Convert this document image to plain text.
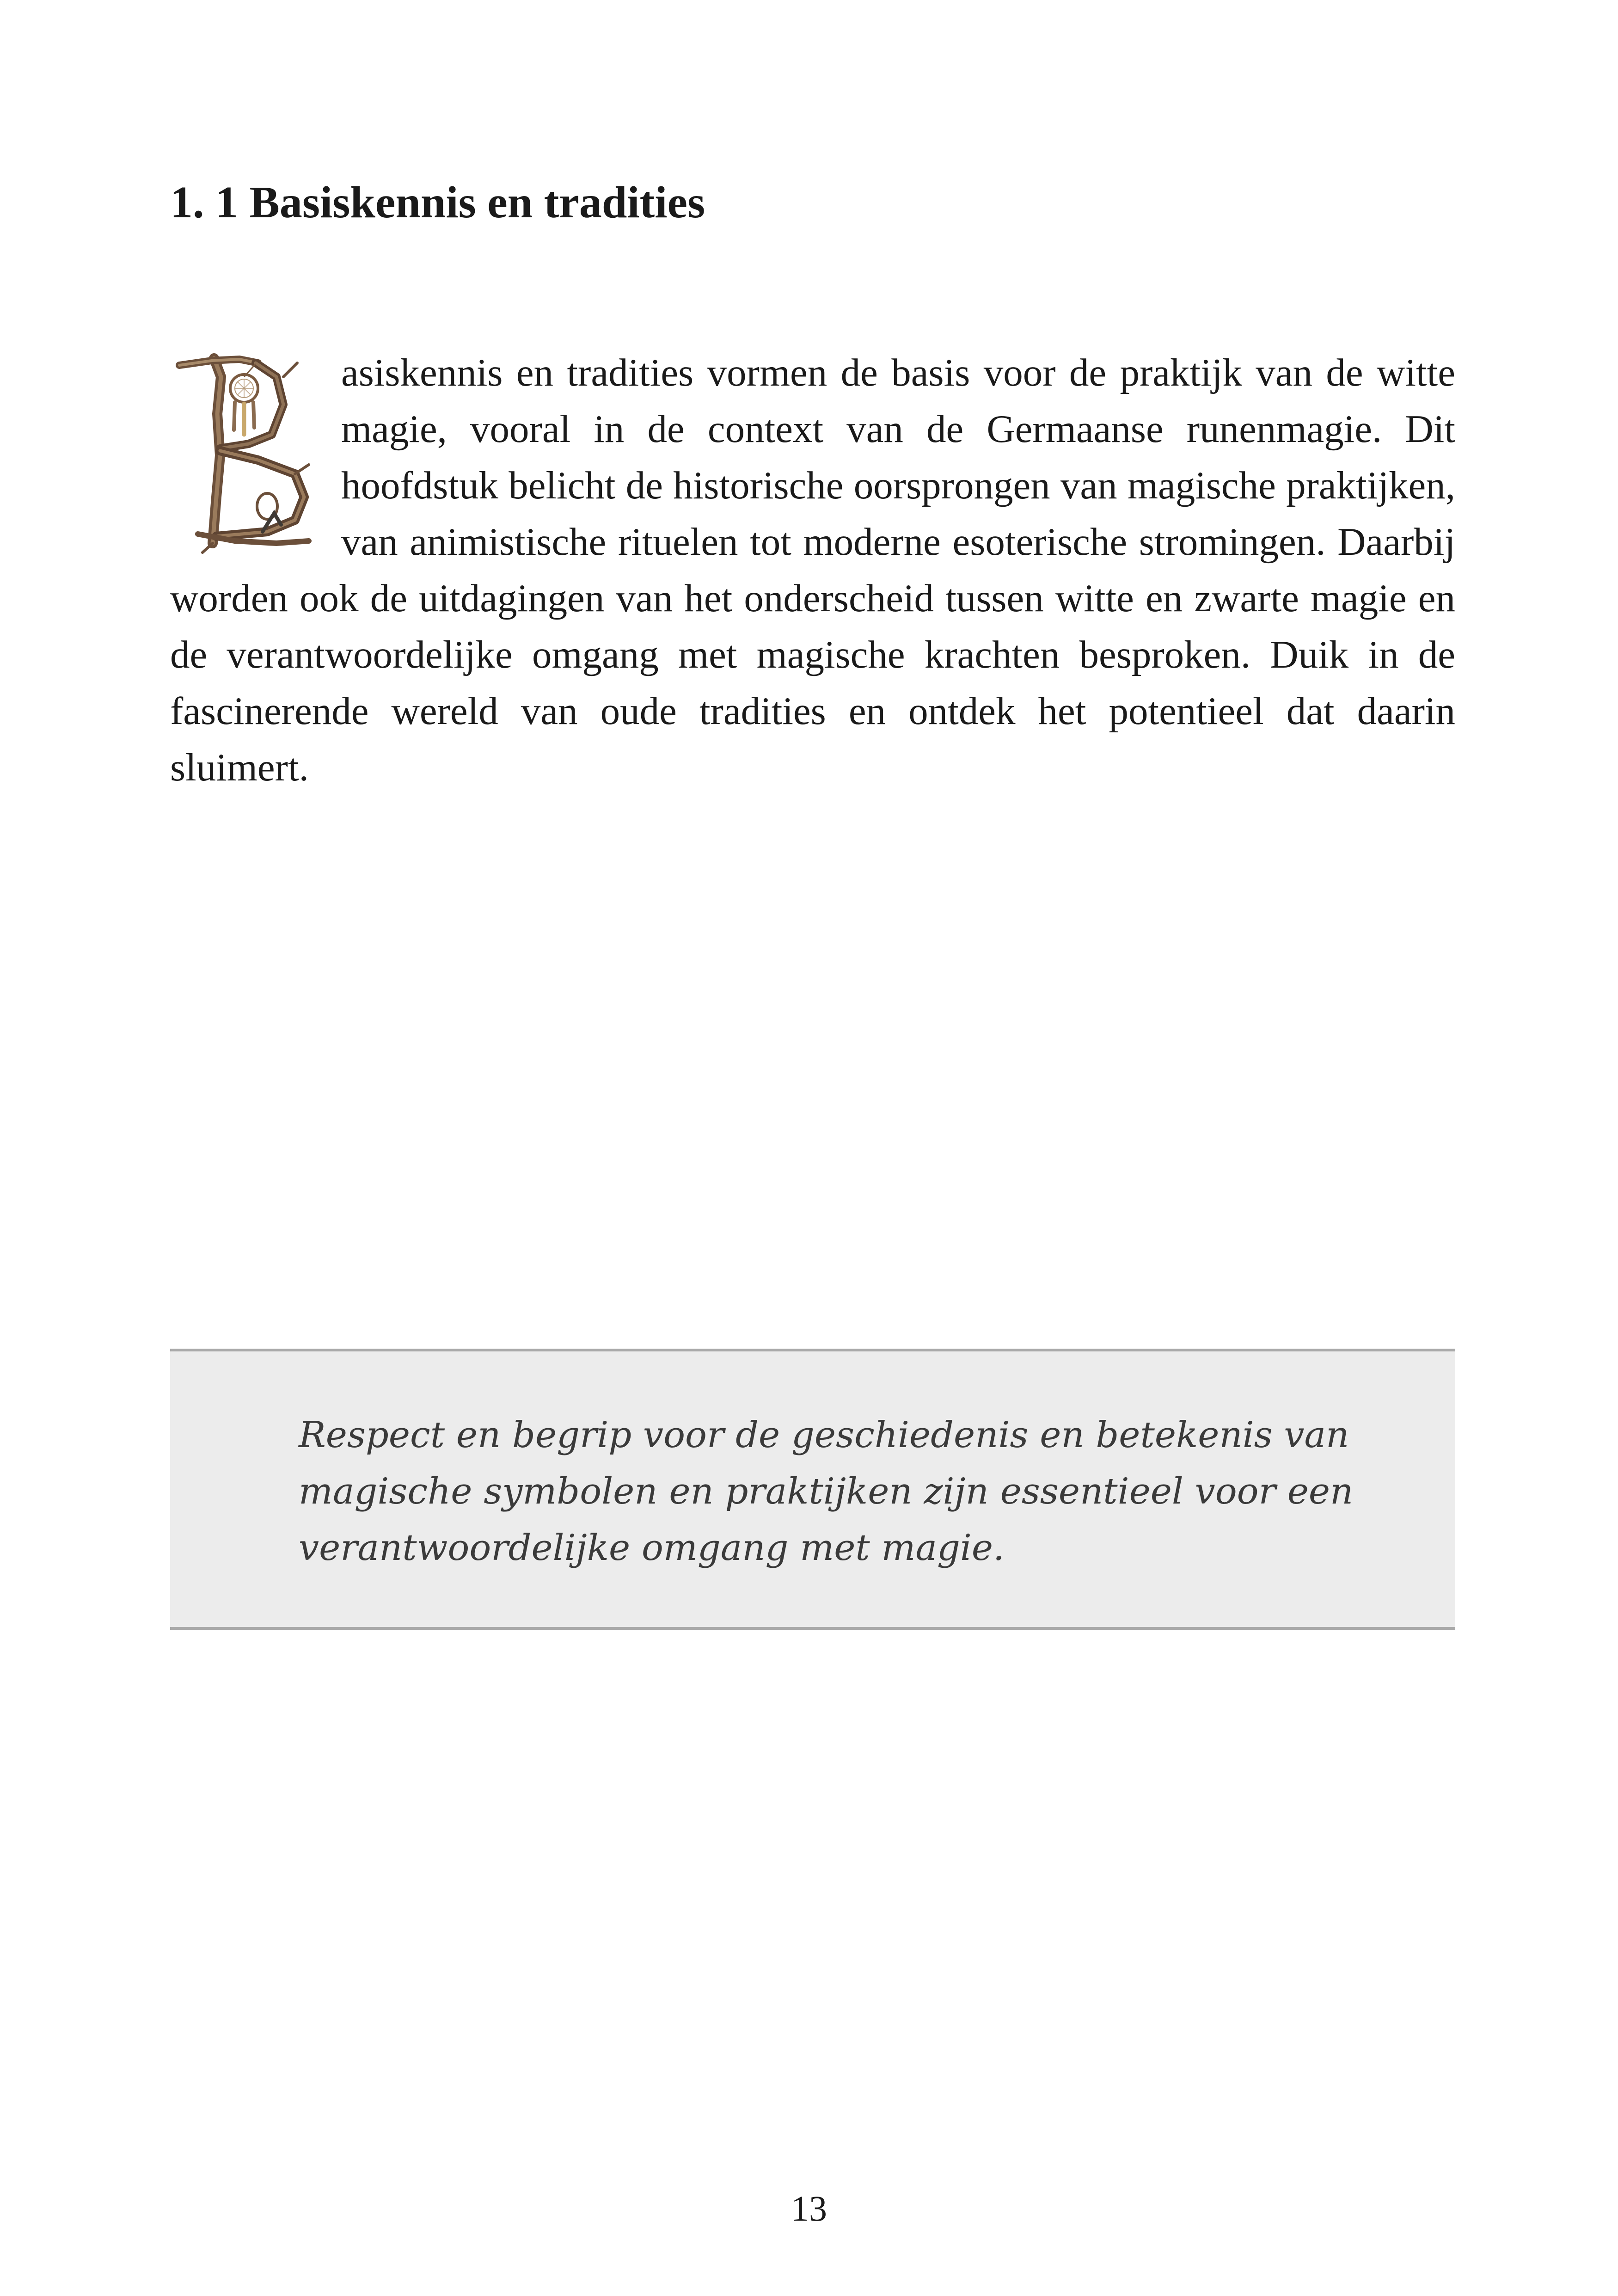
1. 1 Basiskennis en tradities

asiskennis en tradities vormen de basis voor de praktijk van de witte magie, vooral in de context van de Germaanse runenmagie. Dit hoofdstuk belicht de historische oorsprongen van magische praktijken, van animistische rituelen tot moderne esoterische stromingen. Daarbij worden ook de uitdagingen van het onderscheid tussen witte en zwarte magie en de verantwoordelijke omgang met magische krachten besproken. Duik in de fascinerende wereld van oude tradities en ontdek het potentieel dat daarin sluimert.

Respect en begrip voor de geschiedenis en betekenis van magische symbolen en praktijken zijn essentieel voor een verantwoordelijke omgang met magie.

13
